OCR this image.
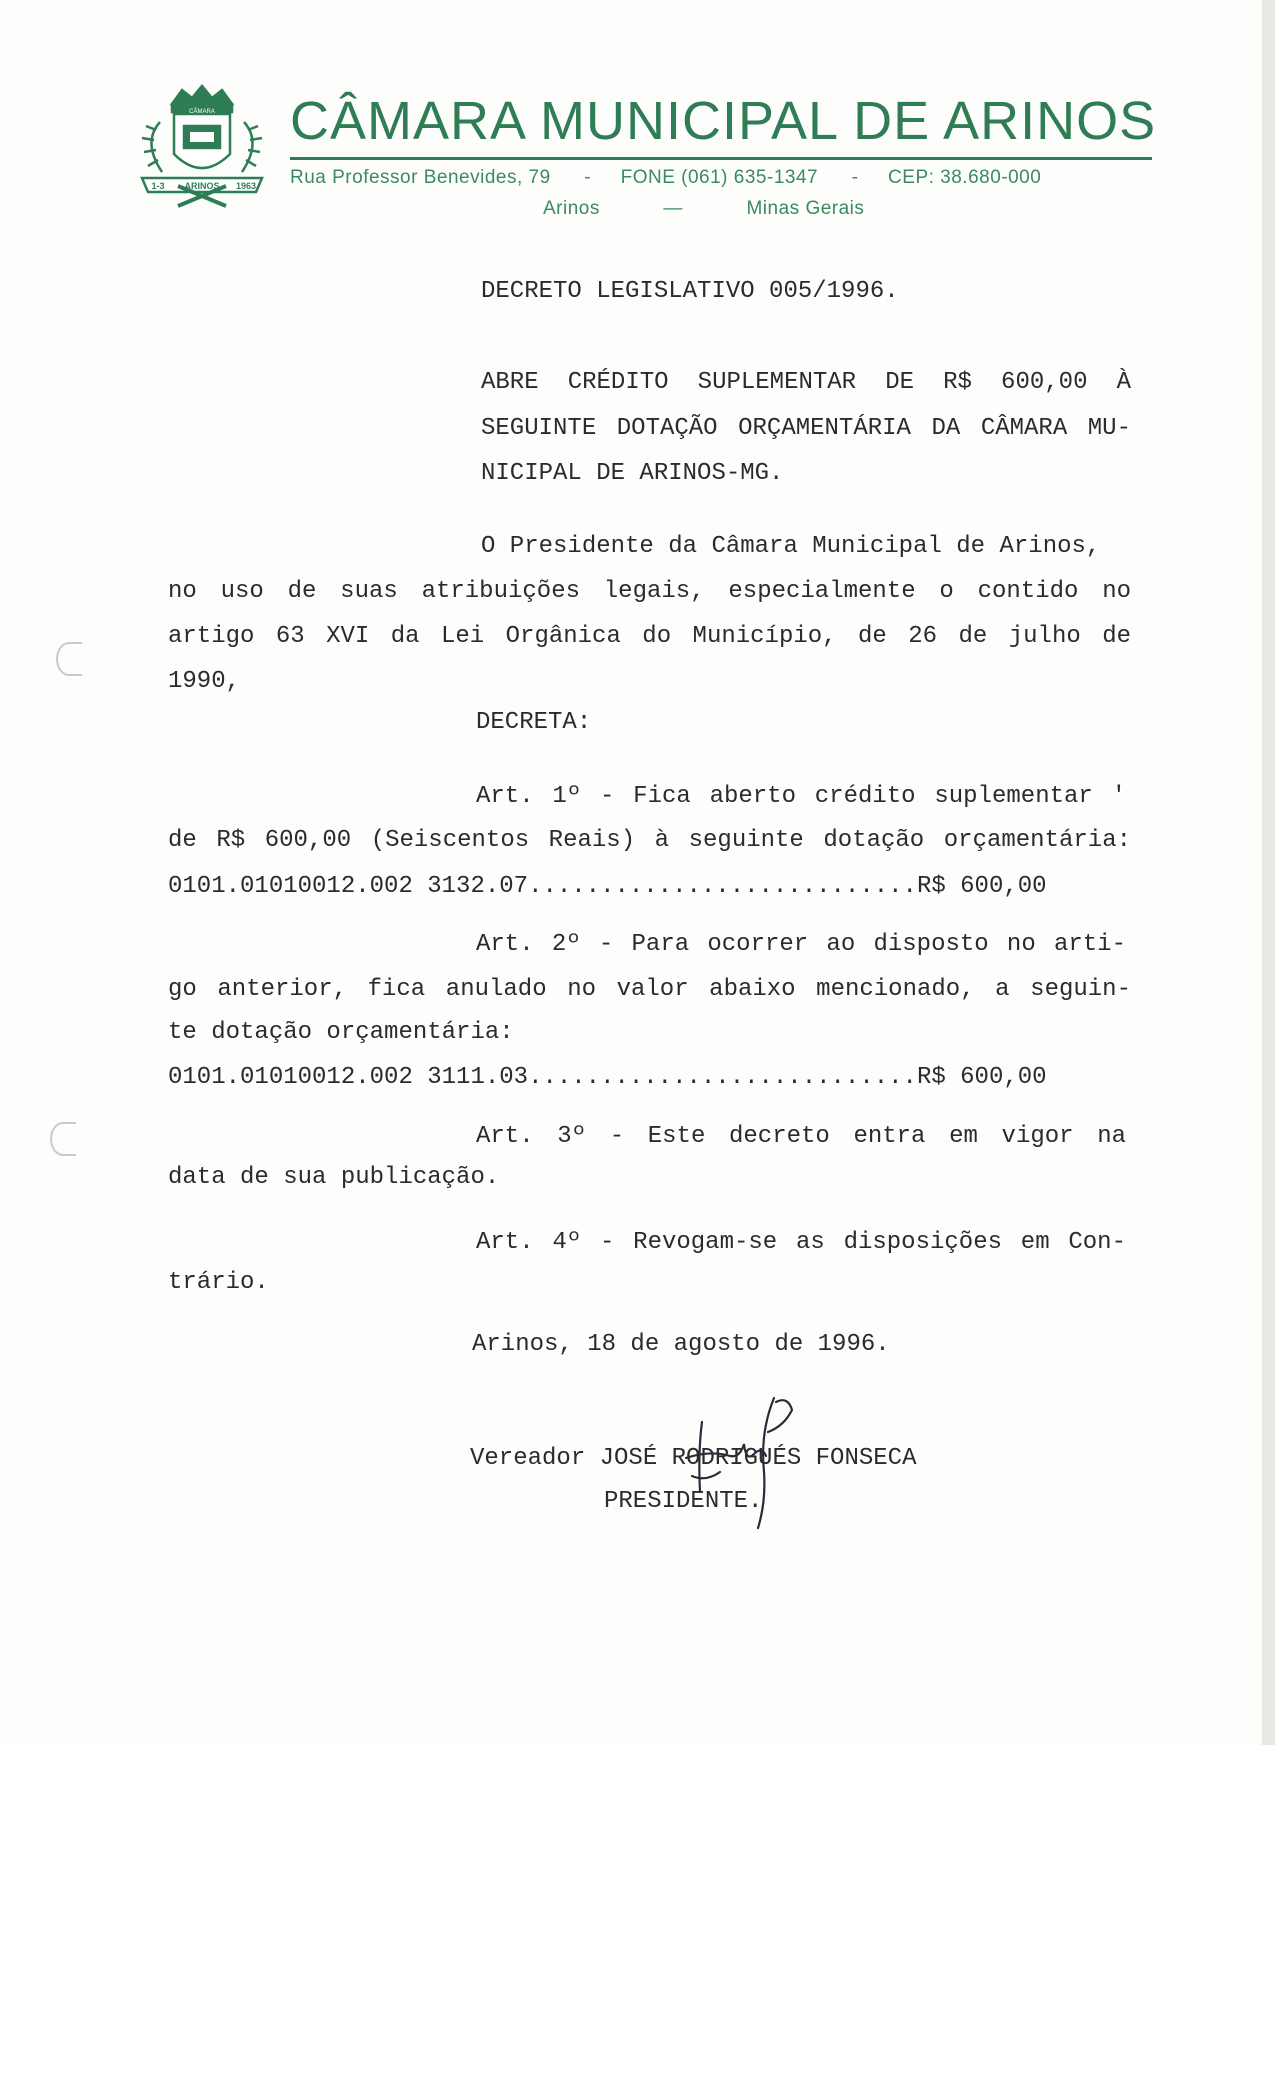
CÂMARA
1-3 ARINOS 1963
CÂMARA MUNICIPAL DE ARINOS
Rua Professor Benevides, 79 - FONE (061) 635-1347 - CEP: 38.680-000
Arinos	—	Minas Gerais
DECRETO LEGISLATIVO 005/1996.
ABRE CRÉDITO SUPLEMENTAR DE R$ 600,00 À
SEGUINTE DOTAÇÃO ORÇAMENTÁRIA DA CÂMARA MU-
NICIPAL DE ARINOS-MG.
O Presidente da Câmara Municipal de Arinos,
no uso de suas atribuições legais, especialmente o contido no
artigo 63 XVI da Lei Orgânica do Município, de 26 de julho de
1990,
DECRETA:
Art. 1º - Fica aberto crédito suplementar '
de R$ 600,00 (Seiscentos Reais) à seguinte dotação orçamentária:
0101.01010012.002 3132.07...........................R$ 600,00
Art. 2º - Para ocorrer ao disposto no arti-
go anterior, fica anulado no valor abaixo mencionado, a seguin-
te dotação orçamentária:
0101.01010012.002 3111.03...........................R$ 600,00
Art. 3º - Este decreto entra em vigor na
data de sua publicação.
Art. 4º - Revogam-se as disposições em Con-
trário.
Arinos, 18 de agosto de 1996.
Vereador JOSÉ RODRIGUÉS FONSECA
PRESIDENTE.
